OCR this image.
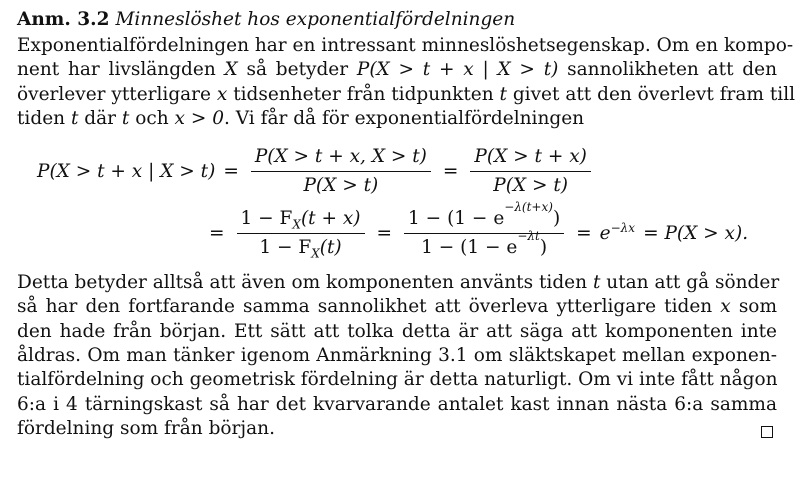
Anm. 3.2 Minneslöshet hos exponentialfördelningen
Exponentialfördelningen har en intressant minneslöshetsegenskap. Om en kompo-
nent har livslängden X så betyder P(X > t + x | X > t) sannolikheten att den
överlever ytterligare x tidsenheter från tidpunkten t givet att den överlevt fram till
tiden t där t och x > 0. Vi får då för exponentialfördelningen
P(X > t + x | $X > t) = \frac{P(X > t + x, X > t)}{P(X > t)} = \frac{P(X > t + x)}{P(X > t)}$
= $\frac{1 - F_X(t + x)}{1 - F_X(t)} = \frac{1 - (1 - e^{-\lambda(t+x)})}{1 - (1 - e^{-\lambda t})} = e$ $^{-\lambda x}$ = P(X > x).
Detta betyder alltså att även om komponenten använts tiden t utan att gå sönder
så har den fortfarande samma sannolikhet att överleva ytterligare tiden x som
den hade från början. Ett sätt att tolka detta är att säga att komponenten inte
åldras. Om man tänker igenom Anmärkning 3.1 om släktskapet mellan exponen-
tialfördelning och geometrisk fördelning är detta naturligt. Om vi inte fått någon
6:a i 4 tärningskast så har det kvarvarande antalet kast innan nästa 6:a samma
fördelning som från början.
